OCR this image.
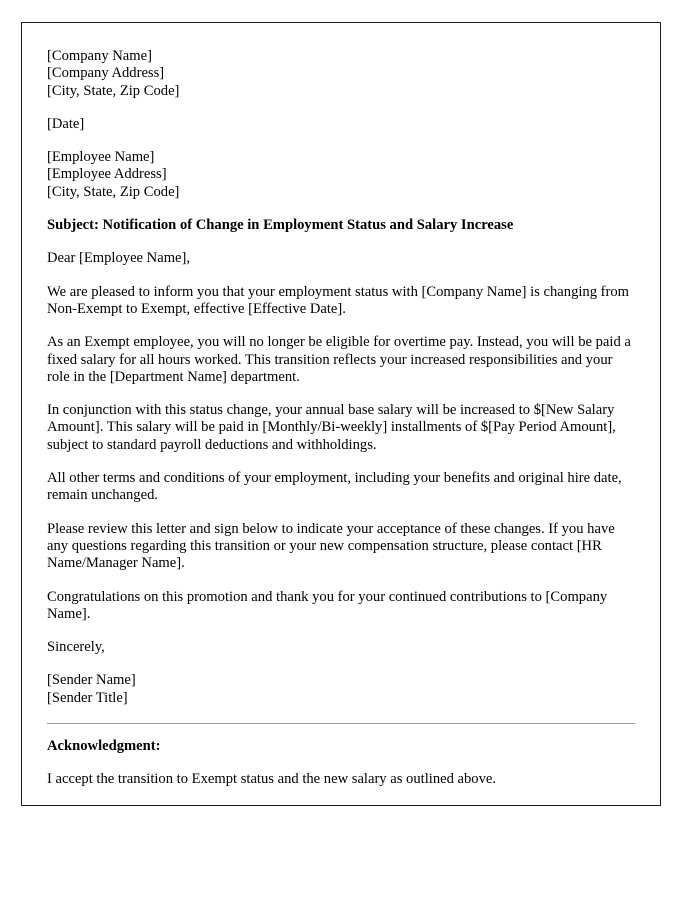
[Company Name]
[Company Address]
[City, State, Zip Code]
[Date]
[Employee Name]
[Employee Address]
[City, State, Zip Code]
Subject: Notification of Change in Employment Status and Salary Increase
Dear [Employee Name],

We are pleased to inform you that your employment status with [Company Name] is changing from Non-Exempt to Exempt, effective [Effective Date].

As an Exempt employee, you will no longer be eligible for overtime pay. Instead, you will be paid a fixed salary for all hours worked. This transition reflects your increased responsibilities and your role in the [Department Name] department.

In conjunction with this status change, your annual base salary will be increased to $[New Salary Amount]. This salary will be paid in [Monthly/Bi-weekly] installments of $[Pay Period Amount], subject to standard payroll deductions and withholdings.

All other terms and conditions of your employment, including your benefits and original hire date, remain unchanged.

Please review this letter and sign below to indicate your acceptance of these changes. If you have any questions regarding this transition or your new compensation structure, please contact [HR Name/Manager Name].

Congratulations on this promotion and thank you for your continued contributions to [Company Name].

Sincerely,
[Sender Name]
[Sender Title]
Acknowledgment:
I accept the transition to Exempt status and the new salary as outlined above.
